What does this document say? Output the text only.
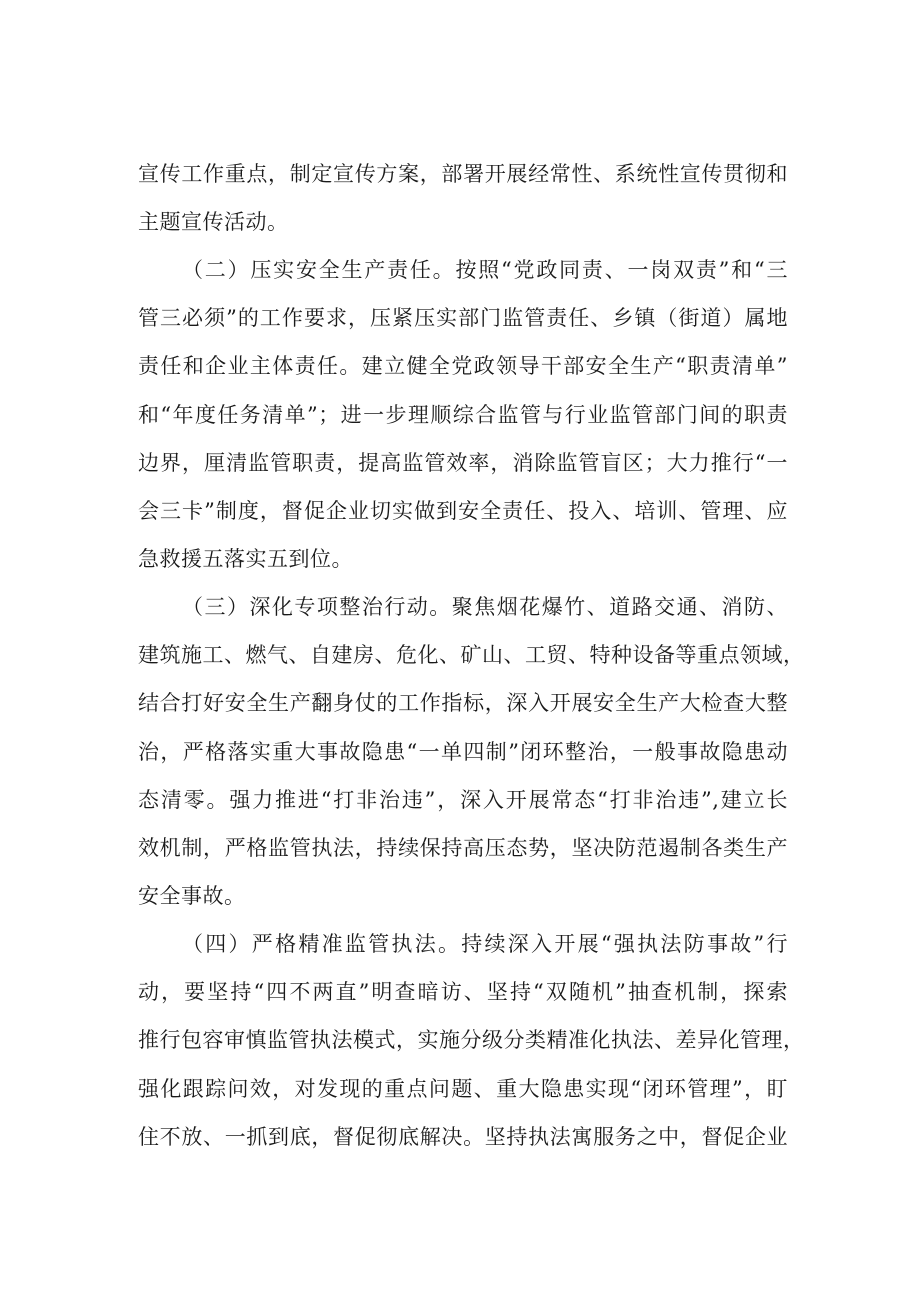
宣传工作重点，制定宣传方案，部署开展经常性、系统性宣传贯彻和
主题宣传活动。
（二）压实安全生产责任。按照“党政同责、一岗双责”和“三
管三必须”的工作要求，压紧压实部门监管责任、乡镇（街道）属地
责任和企业主体责任。建立健全党政领导干部安全生产“职责清单”
和“年度任务清单”；进一步理顺综合监管与行业监管部门间的职责
边界，厘清监管职责，提高监管效率，消除监管盲区；大力推行“一
会三卡”制度，督促企业切实做到安全责任、投入、培训、管理、应
急救援五落实五到位。
（三）深化专项整治行动。聚焦烟花爆竹、道路交通、消防、
建筑施工、燃气、自建房、危化、矿山、工贸、特种设备等重点领域，
结合打好安全生产翻身仗的工作指标，深入开展安全生产大检查大整
治，严格落实重大事故隐患“一单四制”闭环整治，一般事故隐患动
态清零。强力推进“打非治违”，深入开展常态“打非治违”,建立长
效机制，严格监管执法，持续保持高压态势，坚决防范遏制各类生产
安全事故。
（四）严格精准监管执法。持续深入开展“强执法防事故”行
动，要坚持“四不两直”明查暗访、坚持“双随机”抽查机制，探索
推行包容审慎监管执法模式，实施分级分类精准化执法、差异化管理，
强化跟踪问效，对发现的重点问题、重大隐患实现“闭环管理”，盯
住不放、一抓到底，督促彻底解决。坚持执法寓服务之中，督促企业
